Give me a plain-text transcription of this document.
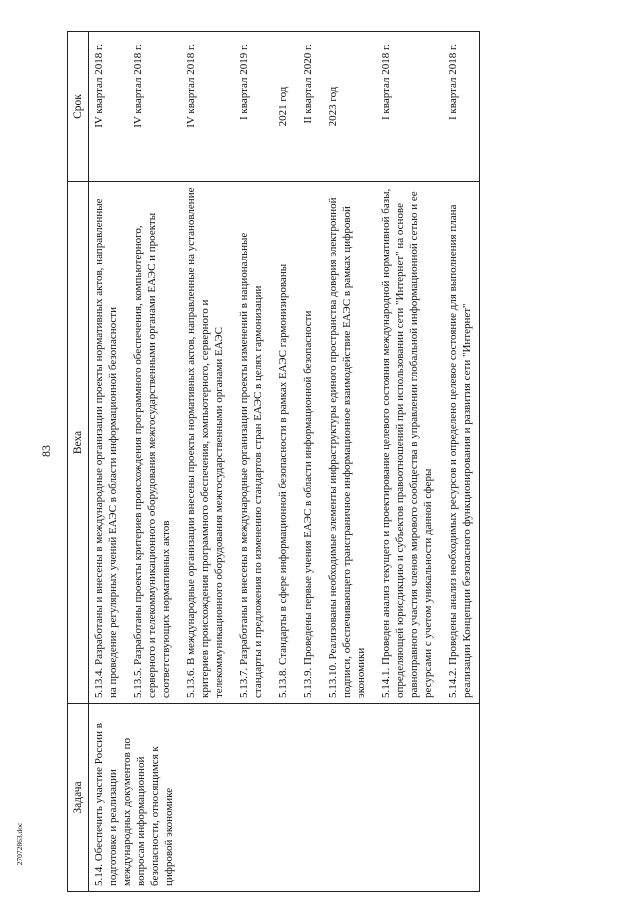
83
27072863.doc
Задача	Веха	Срок

5.14. Обеспечить участие России в подготовке и реализации международных документов по вопросам информационной безопасности, относящимся к цифровой экономике	5.13.4. Разработаны и внесены в международные организации проекты нормативных актов, направленные на проведение регулярных учений ЕАЭС в области информационной безопасности	IV квартал 2018 г.
	5.13.5. Разработаны проекты критериев происхождения программного обеспечения, компьютерного, серверного и телекоммуникационного оборудования межгосударственными органами ЕАЭС и проекты соответствующих нормативных актов	IV квартал 2018 г.
	5.13.6. В международные организации внесены проекты нормативных актов, направленные на установление критериев происхождения программного обеспечения, компьютерного, серверного и телекоммуникационного оборудования межгосударственными органами ЕАЭС	IV квартал 2018 г.
	5.13.7. Разработаны и внесены в международные организации проекты изменений в национальные стандарты и предложения по изменению стандартов стран ЕАЭС в целях гармонизации	I квартал 2019 г.
	5.13.8. Стандарты в сфере информационной безопасности в рамках ЕАЭС гармонизированы	2021 год
	5.13.9. Проведены первые учения ЕАЭС в области информационной безопасности	II квартал 2020 г.
	5.13.10. Реализованы необходимые элементы инфраструктуры единого пространства доверия электронной подписи, обеспечивающего трансграничное информационное взаимодействие ЕАЭС в рамках цифровой экономики	2023 год
	5.14.1. Проведен анализ текущего и проектирование целевого состояния международной нормативной базы, определяющей юрисдикцию и субъектов правоотношений при использовании сети "Интернет" на основе равноправного участия членов мирового сообщества в управлении глобальной информационной сетью и ее ресурсами с учетом уникальности данной сферы	I квартал 2018 г.
	5.14.2. Проведены анализ необходимых ресурсов и определено целевое состояние для выполнения плана реализации Концепции безопасного функционирования и развития сети "Интернет"	I квартал 2018 г.
